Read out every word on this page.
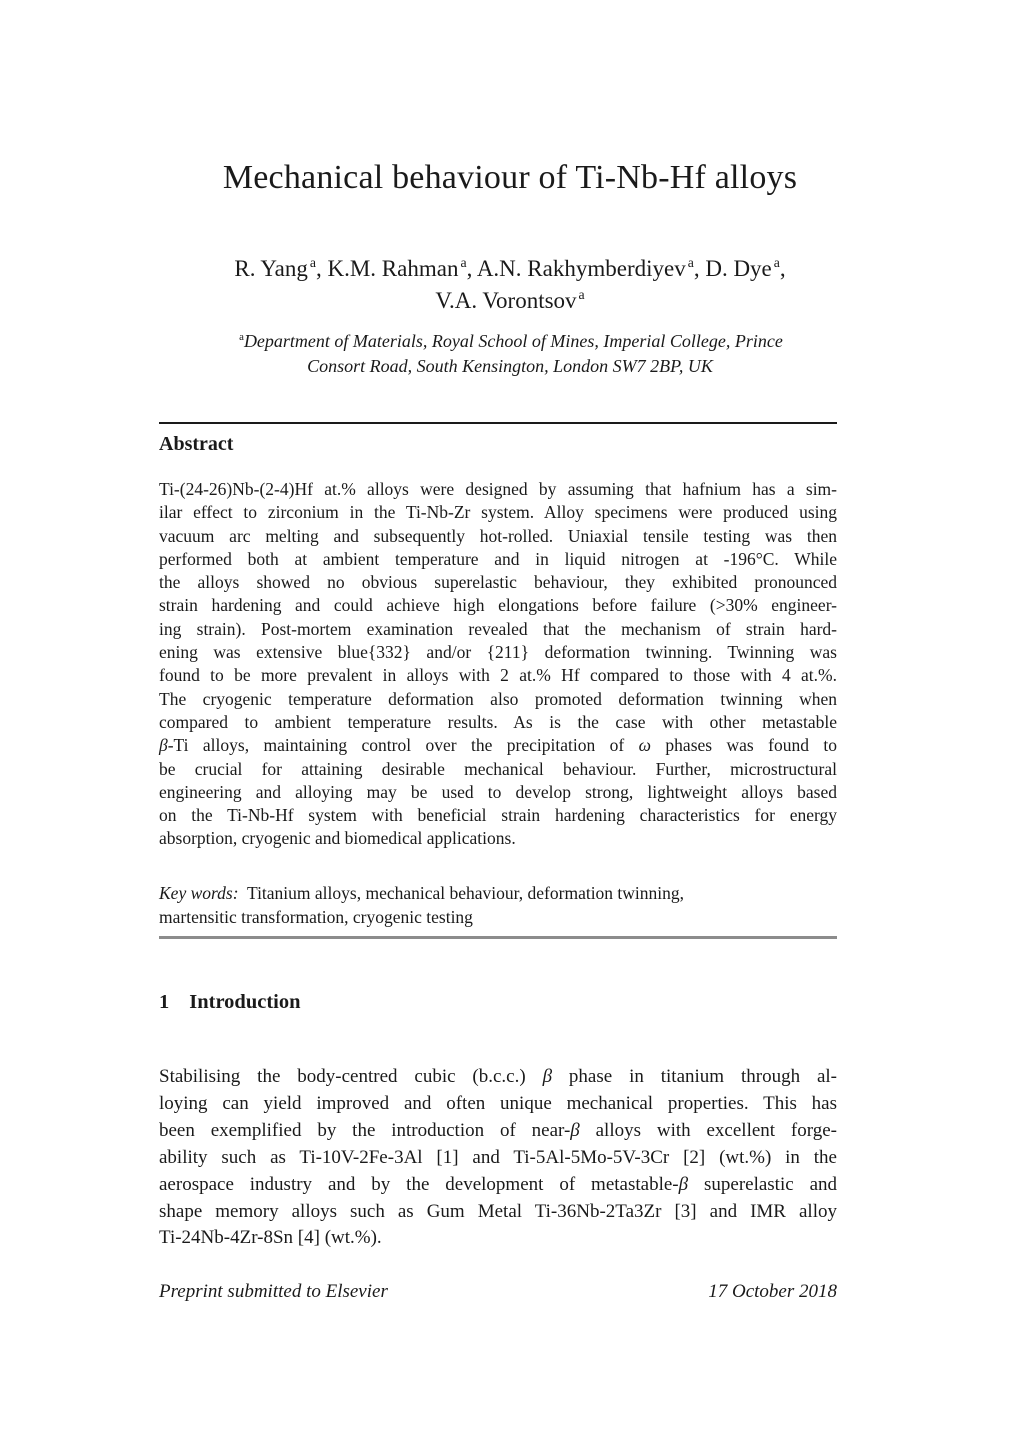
Mechanical behaviour of Ti-Nb-Hf alloys
R. Yang $^a$, K.M. Rahman $^a$, A.N. Rakhymberdiyev $^a$, D. Dye $^a$,
V.A. Vorontsov $^a$
$^a$Department of Materials, Royal School of Mines, Imperial College, Prince
Consort Road, South Kensington, London SW7 2BP, UK
Abstract
Ti-(24-26)Nb-(2-4)Hf at.% alloys were designed by assuming that hafnium has a sim-
ilar effect to zirconium in the Ti-Nb-Zr system. Alloy specimens were produced using
vacuum arc melting and subsequently hot-rolled. Uniaxial tensile testing was then
performed both at ambient temperature and in liquid nitrogen at -196°C. While
the alloys showed no obvious superelastic behaviour, they exhibited pronounced
strain hardening and could achieve high elongations before failure (>30% engineer-
ing strain). Post-mortem examination revealed that the mechanism of strain hard-
ening was extensive blue{332} and/or {211} deformation twinning. Twinning was
found to be more prevalent in alloys with 2 at.% Hf compared to those with 4 at.%.
The cryogenic temperature deformation also promoted deformation twinning when
compared to ambient temperature results. As is the case with other metastable
β-Ti alloys, maintaining control over the precipitation of ω phases was found to
be crucial for attaining desirable mechanical behaviour. Further, microstructural
engineering and alloying may be used to develop strong, lightweight alloys based
on the Ti-Nb-Hf system with beneficial strain hardening characteristics for energy
absorption, cryogenic and biomedical applications.
Key words:  Titanium alloys, mechanical behaviour, deformation twinning,
martensitic transformation, cryogenic testing
1 Introduction
Stabilising the body-centred cubic (b.c.c.) β phase in titanium through al-
loying can yield improved and often unique mechanical properties. This has
been exemplified by the introduction of near-β alloys with excellent forge-
ability such as Ti-10V-2Fe-3Al [1] and Ti-5Al-5Mo-5V-3Cr [2] (wt.%) in the
aerospace industry and by the development of metastable-β superelastic and
shape memory alloys such as Gum Metal Ti-36Nb-2Ta3Zr [3] and IMR alloy
Ti-24Nb-4Zr-8Sn [4] (wt.%).
Preprint submitted to Elsevier	17 October 2018
